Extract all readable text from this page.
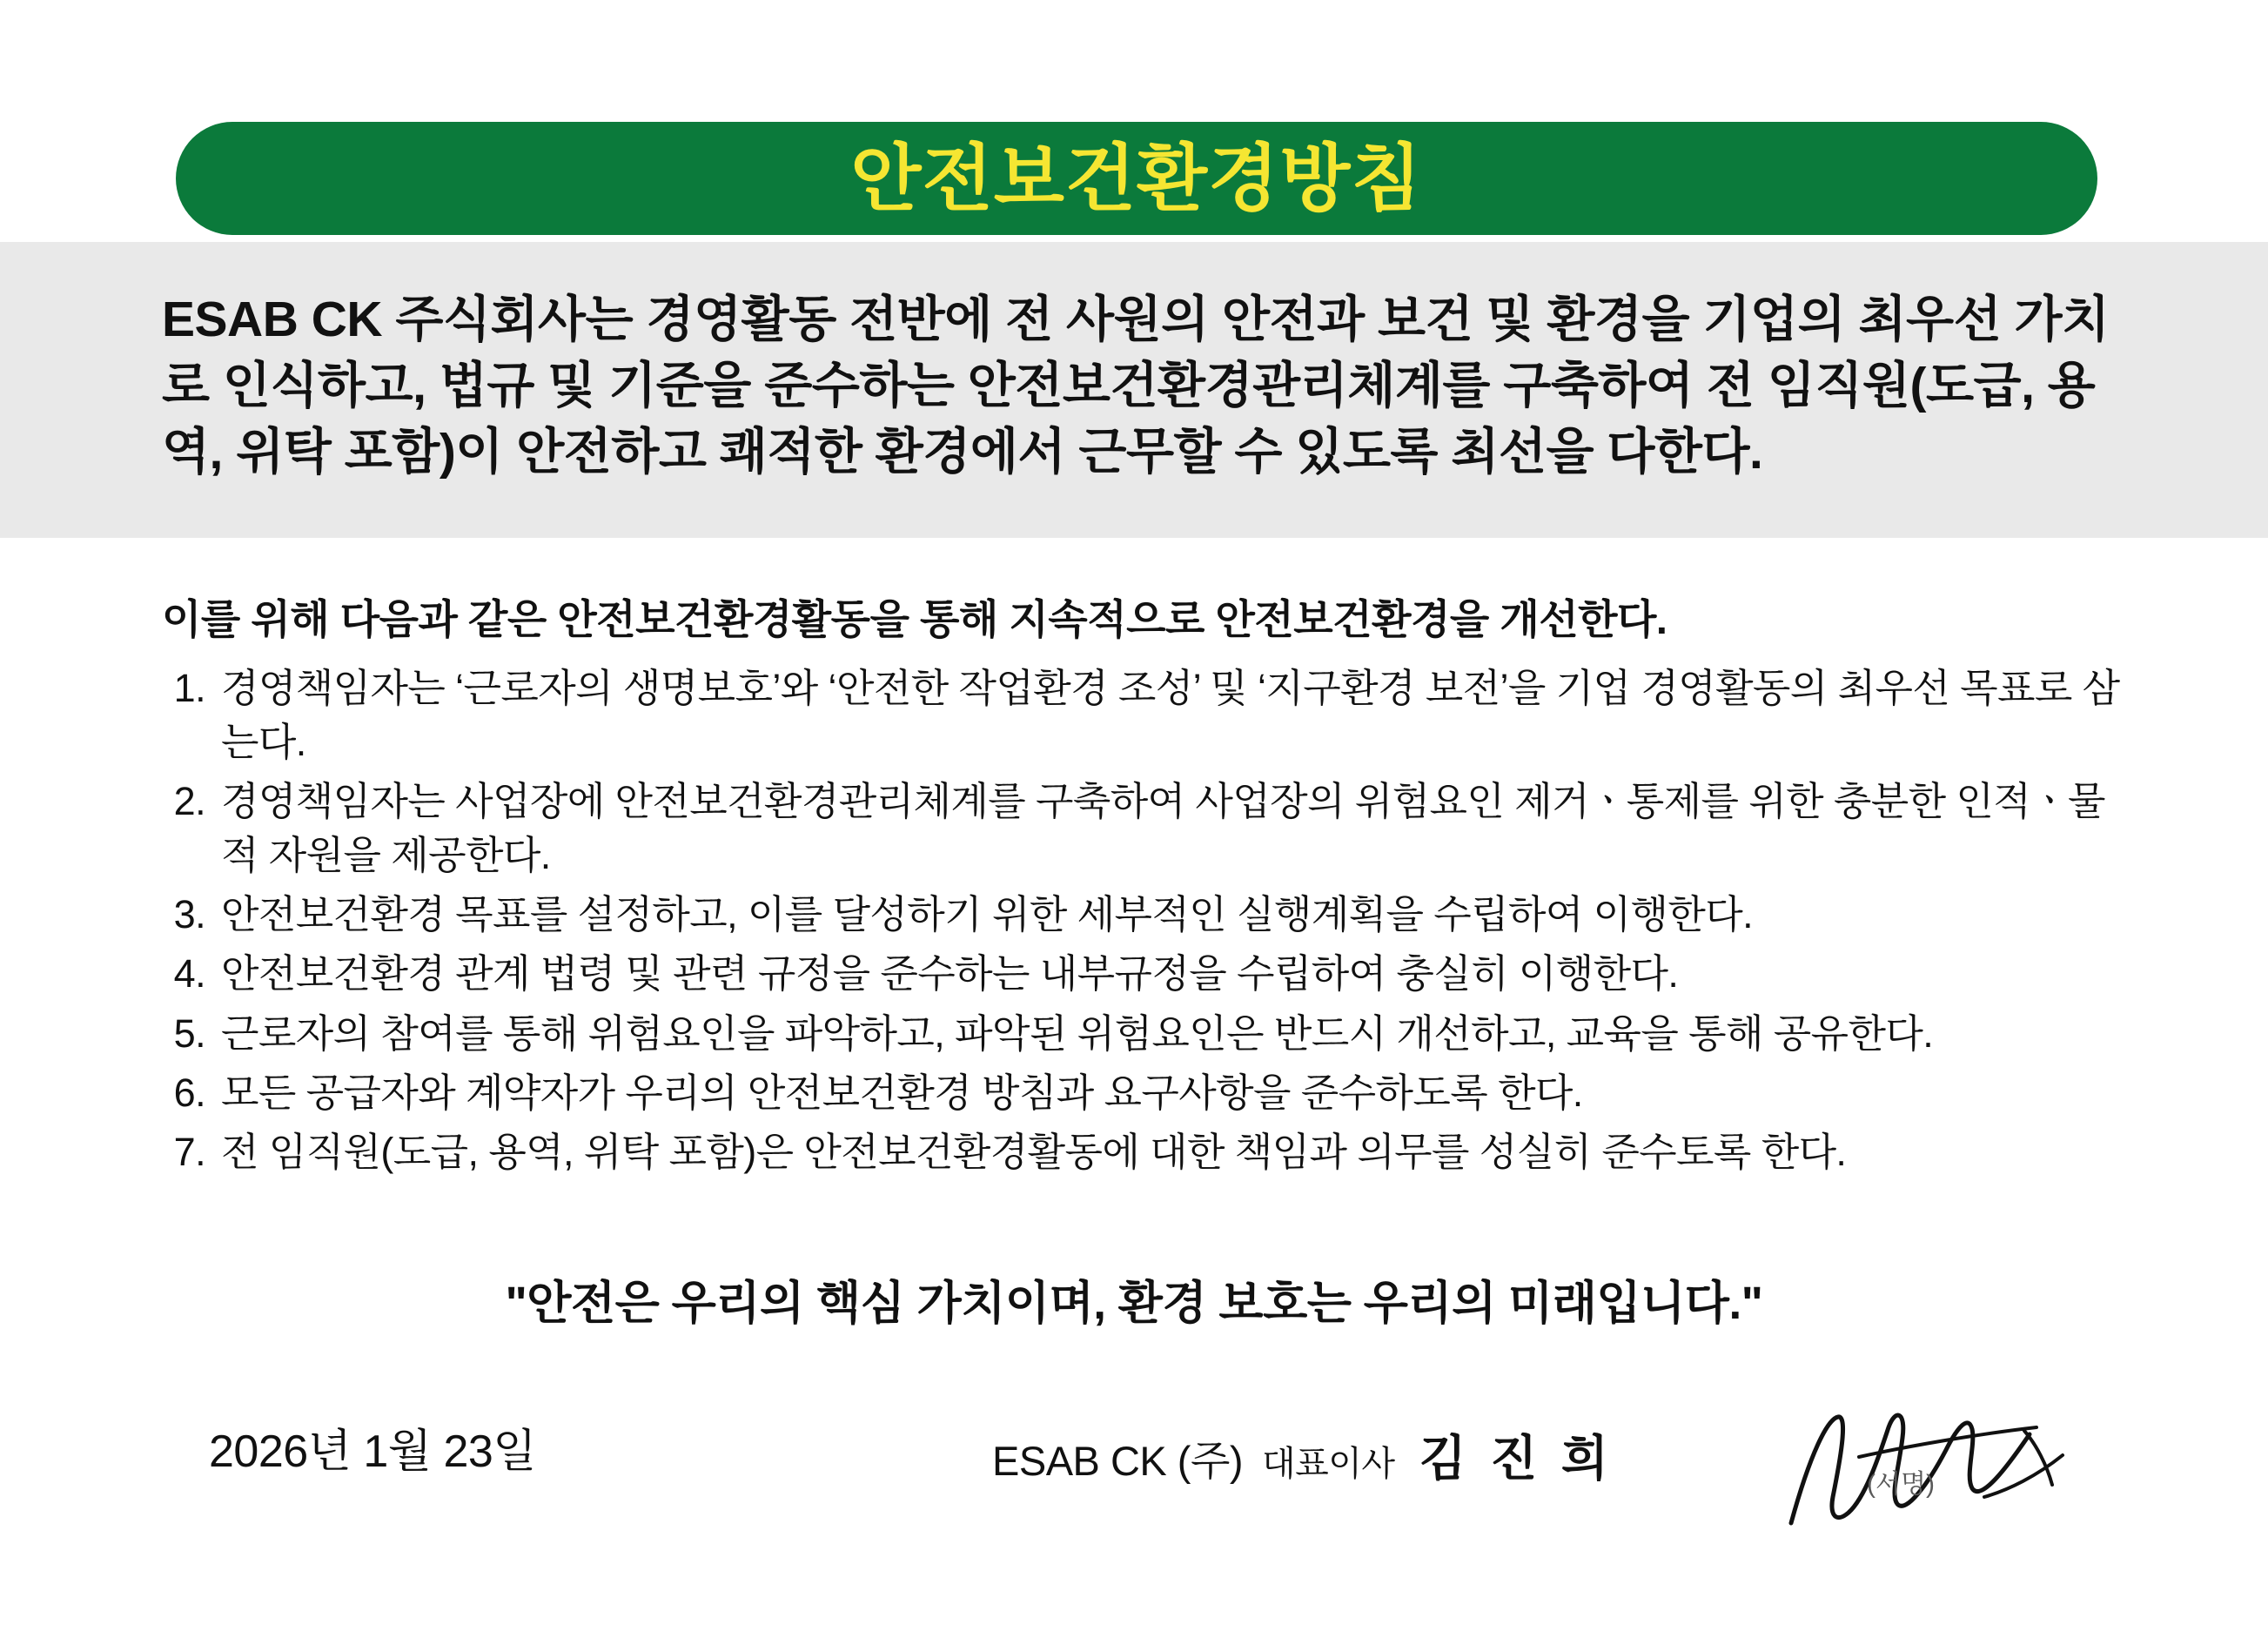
안전보건환경방침
ESAB CK 주식회사는 경영활동 전반에 전 사원의 안전과 보건 및 환경을 기업의 최우선 가치로 인식하고, 법규 및 기준을 준수하는 안전보건환경관리체계를 구축하여 전 임직원(도급, 용역, 위탁 포함)이 안전하고 쾌적한 환경에서 근무할 수 있도록 최선을 다한다.
이를 위해 다음과 같은 안전보건환경활동을 통해 지속적으로 안전보건환경을 개선한다.
1. 경영책임자는 ‘근로자의 생명보호’와 ‘안전한 작업환경 조성’ 및 ‘지구환경 보전’을 기업 경영활동의 최우선 목표로 삼는다.
2. 경영책임자는 사업장에 안전보건환경관리체계를 구축하여 사업장의 위험요인 제거ㆍ통제를 위한 충분한 인적ㆍ물적 자원을 제공한다.
3. 안전보건환경 목표를 설정하고, 이를 달성하기 위한 세부적인 실행계획을 수립하여 이행한다.
4. 안전보건환경 관계 법령 및 관련 규정을 준수하는 내부규정을 수립하여 충실히 이행한다.
5. 근로자의 참여를 통해 위험요인을 파악하고, 파악된 위험요인은 반드시 개선하고, 교육을 통해 공유한다.
6. 모든 공급자와 계약자가 우리의 안전보건환경 방침과 요구사항을 준수하도록 한다.
7. 전 임직원(도급, 용역, 위탁 포함)은 안전보건환경활동에 대한 책임과 의무를 성실히 준수토록 한다.
"안전은 우리의 핵심 가치이며, 환경 보호는 우리의 미래입니다."
2026년 1월 23일	ESAB CK (주) 대표이사 김 진 희	(서명)
